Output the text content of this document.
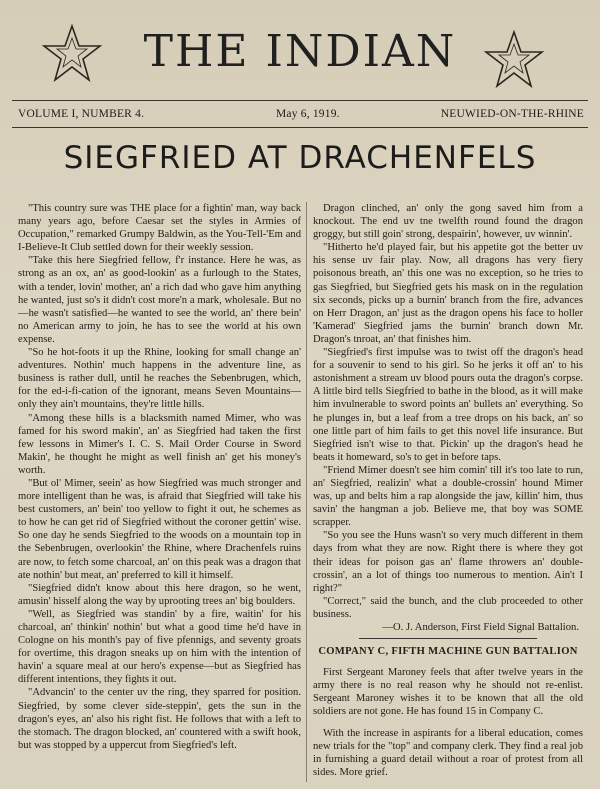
THE INDIAN
VOLUME I, NUMBER 4.	May 6, 1919.	NEUWIED-ON-THE-RHINE
SIEGFRIED AT DRACHENFELS

"This country sure was THE place for a fightin' man, way back many years ago, before Caesar set the styles in Armies of Occupation," remarked Grumpy Baldwin, as the You-Tell-'Em and I-Believe-It Club settled down for their weekly session.

"Take this here Siegfried fellow, f'r instance. Here he was, as strong as an ox, an' as good-lookin' as a furlough to the States, with a tender, lovin' mother, an' a rich dad who gave him anything he wanted, just so's it didn't cost more'n a mark, wholesale. But no—he wasn't satisfied—he wanted to see the world, an' there bein' no American army to join, he has to see the world at his own expense.

"So he hot-foots it up the Rhine, looking for small change an' adventures. Nothin' much happens in the adventure line, as business is rather dull, until he reaches the Sebenbrugen, which, for the ed-i-fi-cation of the ignorant, means Seven Mountains—only they ain't mountains, they're little hills.

"Among these hills is a blacksmith named Mimer, who was famed for his sword makin', an' as Siegfried had taken the first few lessons in Mimer's I. C. S. Mail Order Course in Sword Makin', he thought he might as well finish an' get his money's worth.

"But ol' Mimer, seein' as how Siegfried was much stronger and more intelligent than he was, is afraid that Siegfried will take his best customers, an' bein' too yellow to fight it out, he schemes as to how he can get rid of Siegfried without the coroner gettin' wise. So one day he sends Siegfried to the woods on a mountain top in the Sebenbrugen, overlookin' the Rhine, where Drachenfels ruins are now, to fetch some charcoal, an' on this peak was a dragon that ate nothin' but meat, an' preferred to kill it himself.

"Siegfried didn't know about this here dragon, so he went, amusin' hisself along the way by uprooting trees an' big boulders.

"Well, as Siegfried was standin' by a fire, waitin' for his charcoal, an' thinkin' nothin' but what a good time he'd have in Cologne on his month's pay of five pfennigs, and seventy groats for overtime, this dragon sneaks up on him with the intention of havin' a square meal at our hero's expense—but as Siegfried has different intentions, they fights it out.

"Advancin' to the center uv the ring, they sparred for position. Siegfried, by some clever side-steppin', gets the sun in the dragon's eyes, an' also his right fist. He follows that with a left to the stomach. The dragon blocked, an' countered with a swift hook, but was stopped by a uppercut from Siegfried's left.

Dragon clinched, an' only the gong saved him from a knockout. The end uv tne twelfth round found the dragon groggy, but still goin' strong, despairin', however, uv winnin'.

"Hitherto he'd played fair, but his appetite got the better uv his sense uv fair play. Now, all dragons has very fiery poisonous breath, an' this one was no exception, so he tries to gas Siegfried, but Siegfried gets his mask on in the regulation six seconds, picks up a burnin' branch from the fire, advances on Herr Dragon, an' just as the dragon opens his face to holler 'Kamerad' Siegfried jams the burnin' branch down Mr. Dragon's tnroat, an' that finishes him.

"Siegfried's first impulse was to twist off the dragon's head for a souvenir to send to his girl. So he jerks it off an' to his astonishment a stream uv blood pours outa the dragon's corpse. A little bird tells Siegfried to bathe in the blood, as it will make him invulnerable to sword points an' bullets an' everything. So he plunges in, but a leaf from a tree drops on his back, an' so one little part of him fails to get this novel life insurance. But Siegfried isn't wise to that. Pickin' up the dragon's head he beats it homeward, so's to get in before taps.

"Friend Mimer doesn't see him comin' till it's too late to run, an' Siegfried, realizin' what a double-crossin' hound Mimer was, up and belts him a rap alongside the jaw, killin' him, thus savin' the hangman a job. Believe me, that boy was SOME scrapper.

"So you see the Huns wasn't so very much different in them days from what they are now. Right there is where they got their ideas for poison gas an' flame throwers an' double-crossin', an a lot of things too numerous to mention. Ain't I right?"

"Correct," said the bunch, and the club proceeded to other business.

—O. J. Anderson, First Field Signal Battalion.

COMPANY C, FIFTH MACHINE GUN BATTALION

First Sergeant Maroney feels that after twelve years in the army there is no real reason why he should not re-enlist. Sergeant Maroney wishes it to be known that all the old soldiers are not gone. He has found 15 in Company C.

With the increase in aspirants for a liberal education, comes new trials for the "top" and company clerk. They find a real job in furnishing a guard detail without a roar of protest from all sides. More grief.
